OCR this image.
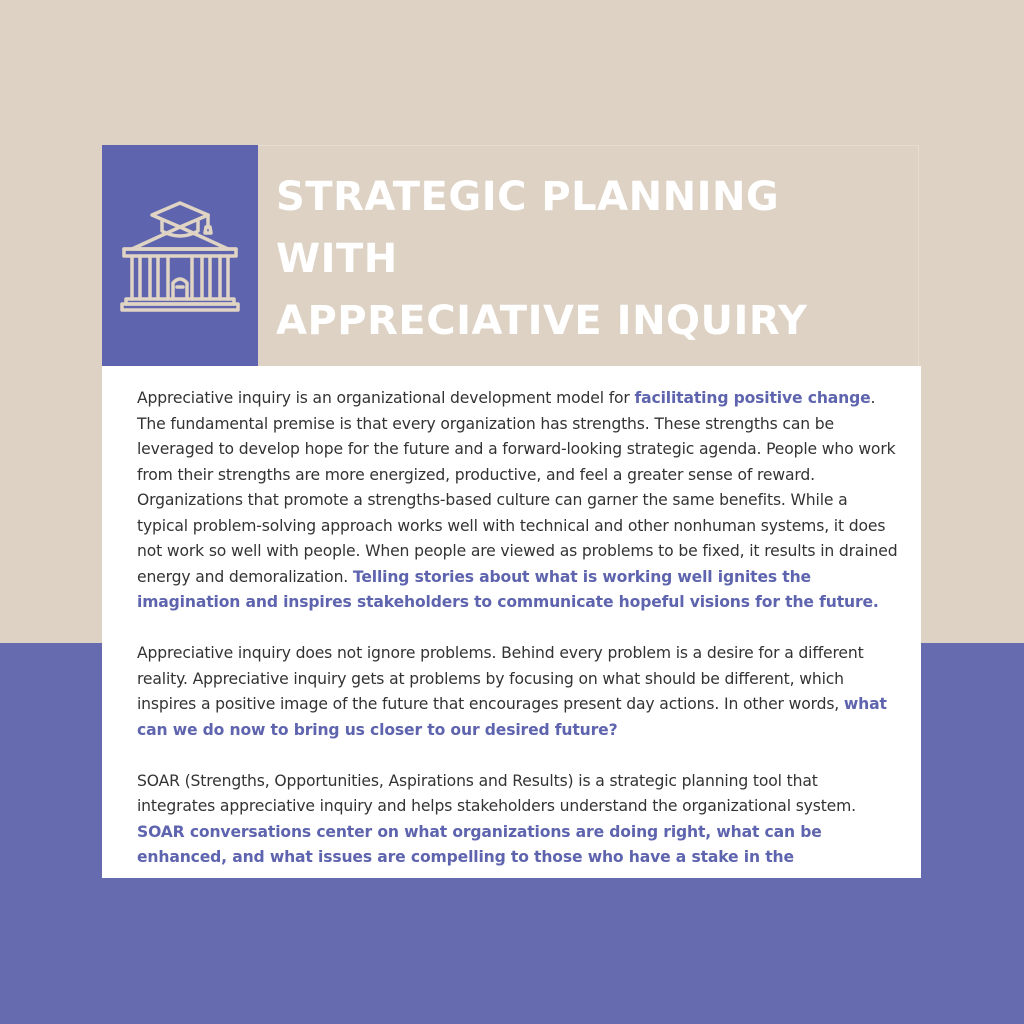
STRATEGIC PLANNING
WITH
APPRECIATIVE INQUIRY

Appreciative inquiry is an organizational development model for facilitating positive change. The fundamental premise is that every organization has strengths. These strengths can be leveraged to develop hope for the future and a forward-looking strategic agenda. People who work from their strengths are more energized, productive, and feel a greater sense of reward. Organizations that promote a strengths-based culture can garner the same benefits. While a typical problem-solving approach works well with technical and other nonhuman systems, it does not work so well with people. When people are viewed as problems to be fixed, it results in drained energy and demoralization. Telling stories about what is working well ignites the imagination and inspires stakeholders to communicate hopeful visions for the future.

Appreciative inquiry does not ignore problems. Behind every problem is a desire for a different reality. Appreciative inquiry gets at problems by focusing on what should be different, which inspires a positive image of the future that encourages present day actions. In other words, what can we do now to bring us closer to our desired future?

SOAR (Strengths, Opportunities, Aspirations and Results) is a strategic planning tool that integrates appreciative inquiry and helps stakeholders understand the organizational system. SOAR conversations center on what organizations are doing right, what can be enhanced, and what issues are compelling to those who have a stake in the
